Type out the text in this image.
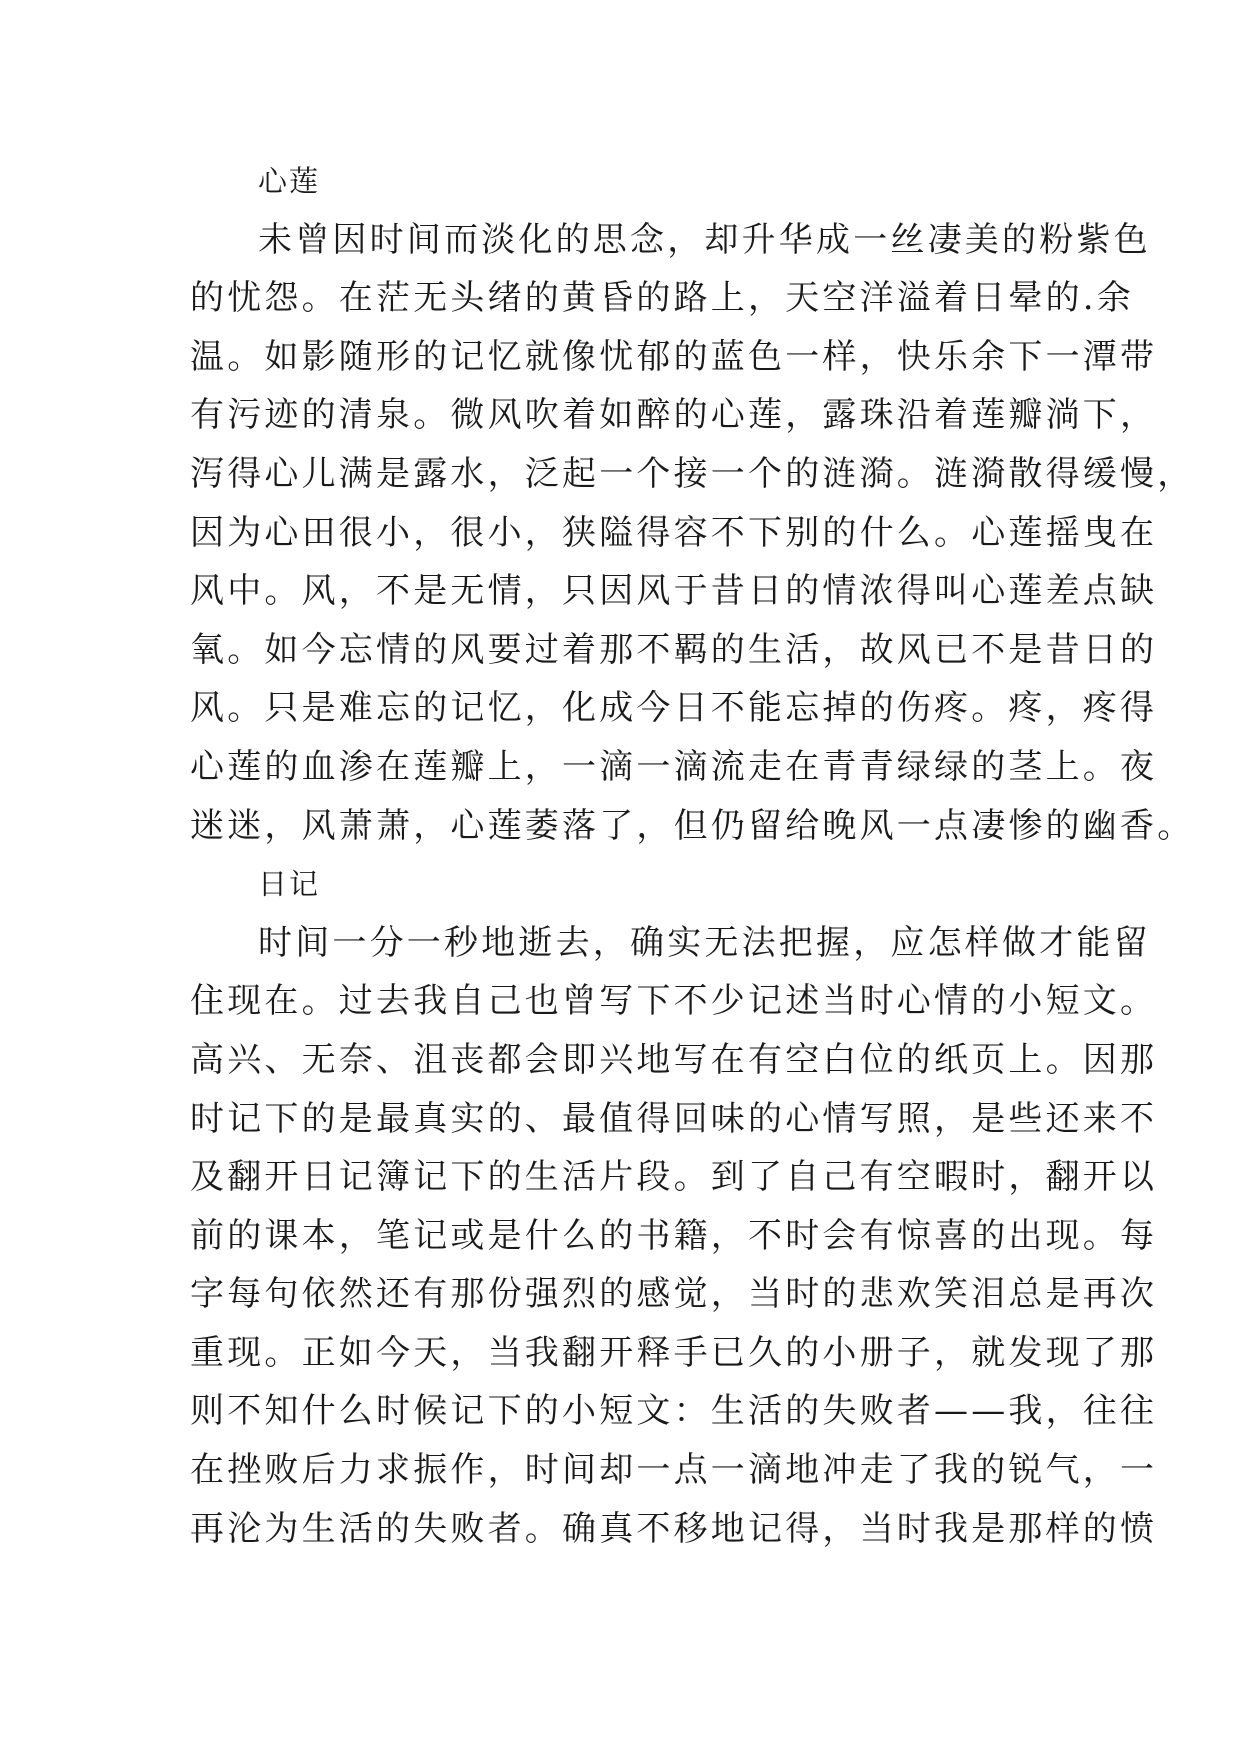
心莲

未曾因时间而淡化的思念，却升华成一丝凄美的粉紫色
的忧怨。在茫无头绪的黄昏的路上，天空洋溢着日晕的.余
温。如影随形的记忆就像忧郁的蓝色一样，快乐余下一潭带
有污迹的清泉。微风吹着如醉的心莲，露珠沿着莲瓣淌下，
泻得心儿满是露水，泛起一个接一个的涟漪。涟漪散得缓慢，
因为心田很小，很小，狭隘得容不下别的什么。心莲摇曳在
风中。风，不是无情，只因风于昔日的情浓得叫心莲差点缺
氧。如今忘情的风要过着那不羁的生活，故风已不是昔日的
风。只是难忘的记忆，化成今日不能忘掉的伤疼。疼，疼得
心莲的血渗在莲瓣上，一滴一滴流走在青青绿绿的茎上。夜
迷迷，风萧萧，心莲萎落了，但仍留给晚风一点凄惨的幽香。

日记

时间一分一秒地逝去，确实无法把握，应怎样做才能留
住现在。过去我自己也曾写下不少记述当时心情的小短文。
高兴、无奈、沮丧都会即兴地写在有空白位的纸页上。因那
时记下的是最真实的、最值得回味的心情写照，是些还来不
及翻开日记簿记下的生活片段。到了自己有空暇时，翻开以
前的课本，笔记或是什么的书籍，不时会有惊喜的出现。每
字每句依然还有那份强烈的感觉，当时的悲欢笑泪总是再次
重现。正如今天，当我翻开释手已久的小册子，就发现了那
则不知什么时候记下的小短文：生活的失败者——我，往往
在挫败后力求振作，时间却一点一滴地冲走了我的锐气，一
再沦为生活的失败者。确真不移地记得，当时我是那样的愤
